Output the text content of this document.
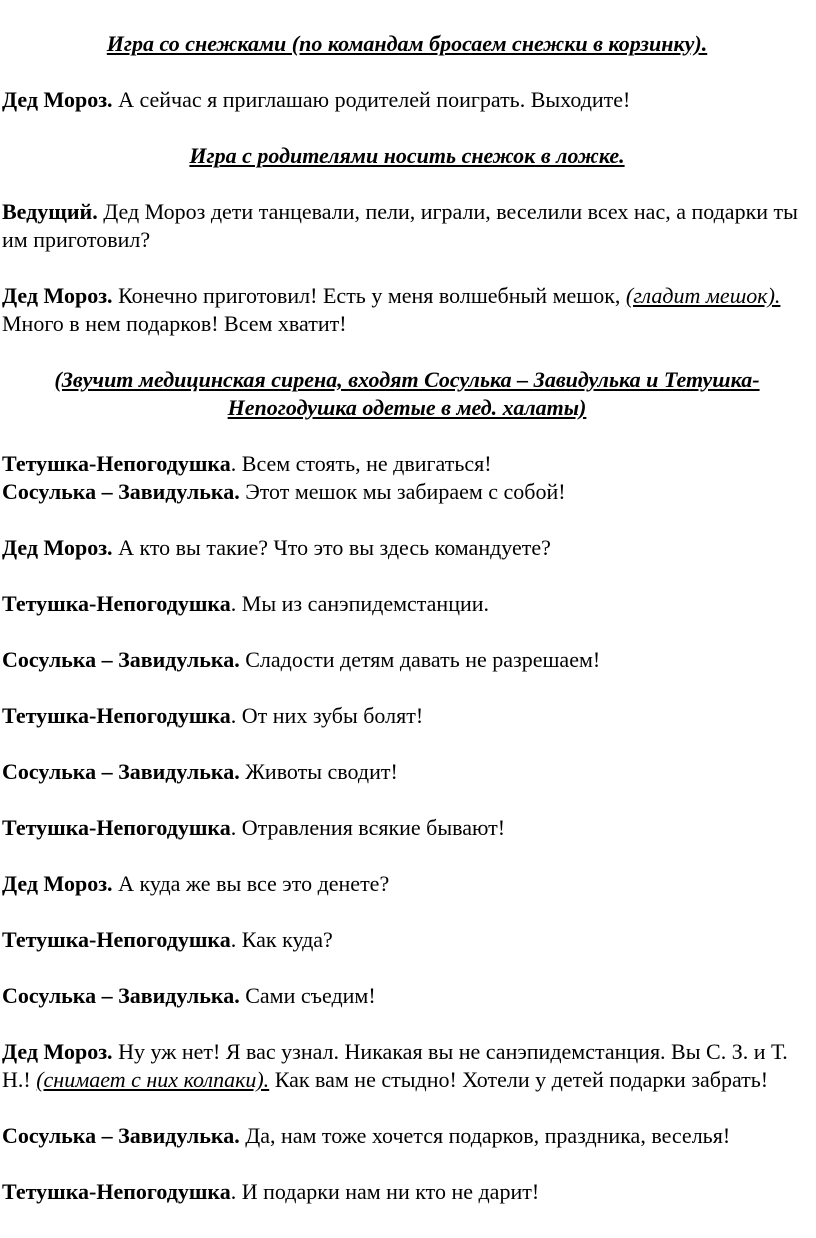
Игра со снежками (по командам бросаем снежки в корзинку).

Дед Мороз. А сейчас я приглашаю родителей поиграть. Выходите!

Игра с родителями носить снежок в ложке.

Ведущий. Дед Мороз дети танцевали, пели, играли, веселили всех нас, а подарки ты им приготовил?

Дед Мороз. Конечно приготовил! Есть у меня волшебный мешок, (гладит мешок). Много в нем подарков! Всем хватит!

(Звучит медицинская сирена, входят Сосулька – Завидулька и Тетушка-Непогодушка одетые в мед. халаты)

Тетушка-Непогодушка. Всем стоять, не двигаться!

Сосулька – Завидулька. Этот мешок мы забираем с собой!

Дед Мороз. А кто вы такие? Что это вы здесь командуете?

Тетушка-Непогодушка. Мы из санэпидемстанции.

Сосулька – Завидулька. Сладости детям давать не разрешаем!

Тетушка-Непогодушка. От них зубы болят!

Сосулька – Завидулька. Животы сводит!

Тетушка-Непогодушка. Отравления всякие бывают!

Дед Мороз. А куда же вы все это денете?

Тетушка-Непогодушка. Как куда?

Сосулька – Завидулька. Сами съедим!

Дед Мороз. Ну уж нет! Я вас узнал. Никакая вы не санэпидемстанция. Вы С. З. и Т. Н.! (снимает с них колпаки). Как вам не стыдно! Хотели у детей подарки забрать!

Сосулька – Завидулька. Да, нам тоже хочется подарков, праздника, веселья!

Тетушка-Непогодушка. И подарки нам ни кто не дарит!
